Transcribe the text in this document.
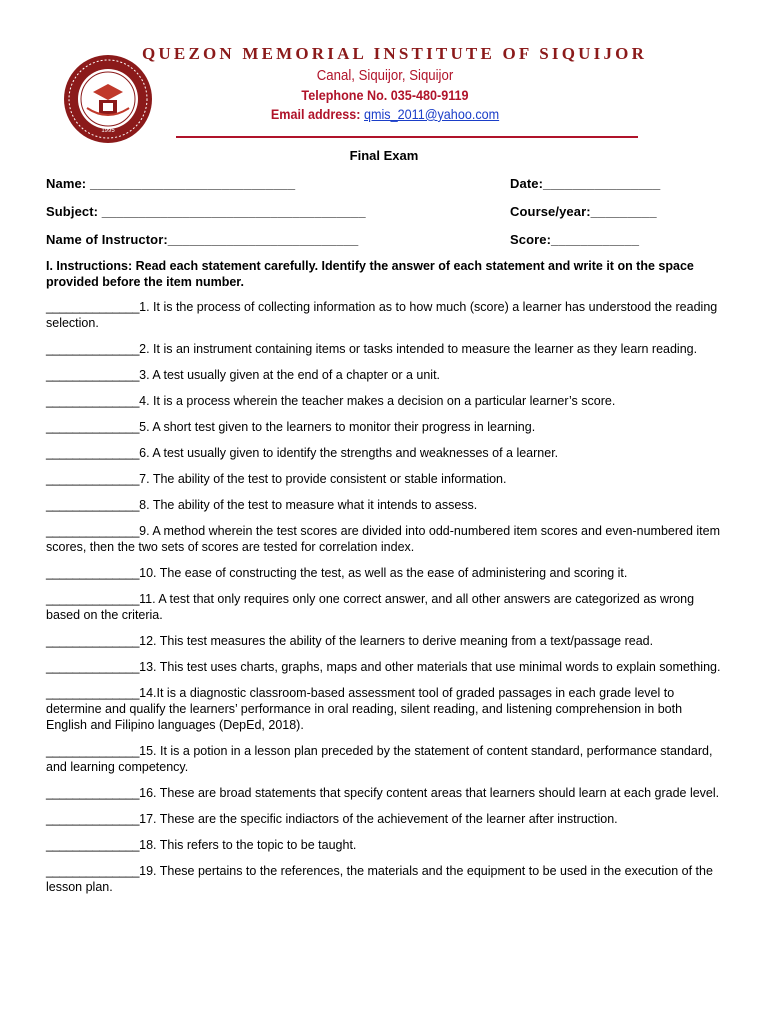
1995
QUEZON MEMORIAL INSTITUTE OF SIQUIJOR
Canal, Siquijor, Siquijor
Telephone No. 035-480-9119
Email address: qmis_2011@yahoo.com
Final Exam
Name: ____________________________	Date:________________
Subject: ____________________________________	Course/year:_________
Name of Instructor:__________________________	Score:____________
I. Instructions: Read each statement carefully. Identify the answer of each statement and write it on the space provided before the item number.

______________1. It is the process of collecting information as to how much (score) a learner has understood the reading selection.

______________2. It is an instrument containing items or tasks intended to measure the learner as they learn reading.

______________3. A test usually given at the end of a chapter or a unit.

______________4. It is a process wherein the teacher makes a decision on a particular learner’s score.

______________5. A short test given to the learners to monitor their progress in learning.

______________6. A test usually given to identify the strengths and weaknesses of a learner.

______________7. The ability of the test to provide consistent or stable information.

______________8. The ability of the test to measure what it intends to assess.

______________9. A method wherein the test scores are divided into odd-numbered item scores and even-numbered item scores, then the two sets of scores are tested for correlation index.

______________10. The ease of constructing the test, as well as the ease of administering and scoring it.

______________11. A test that only requires only one correct answer, and all other answers are categorized as wrong based on the criteria.

______________12. This test measures the ability of the learners to derive meaning from a text/passage read.

______________13. This test uses charts, graphs, maps and other materials that use minimal words to explain something.

______________14.It is a diagnostic classroom-based assessment tool of graded passages in each grade level to determine and qualify the learners’ performance in oral reading, silent reading, and listening comprehension in both English and Filipino languages (DepEd, 2018).

______________15. It is a potion in a lesson plan preceded by the statement of content standard, performance standard, and learning competency.

______________16. These are broad statements that specify content areas that learners should learn at each grade level.

______________17. These are the specific indiactors of the achievement of the learner after instruction.

______________18. This refers to the topic to be taught.

______________19. These pertains to the references, the materials and the equipment to be used in the execution of the lesson plan.
